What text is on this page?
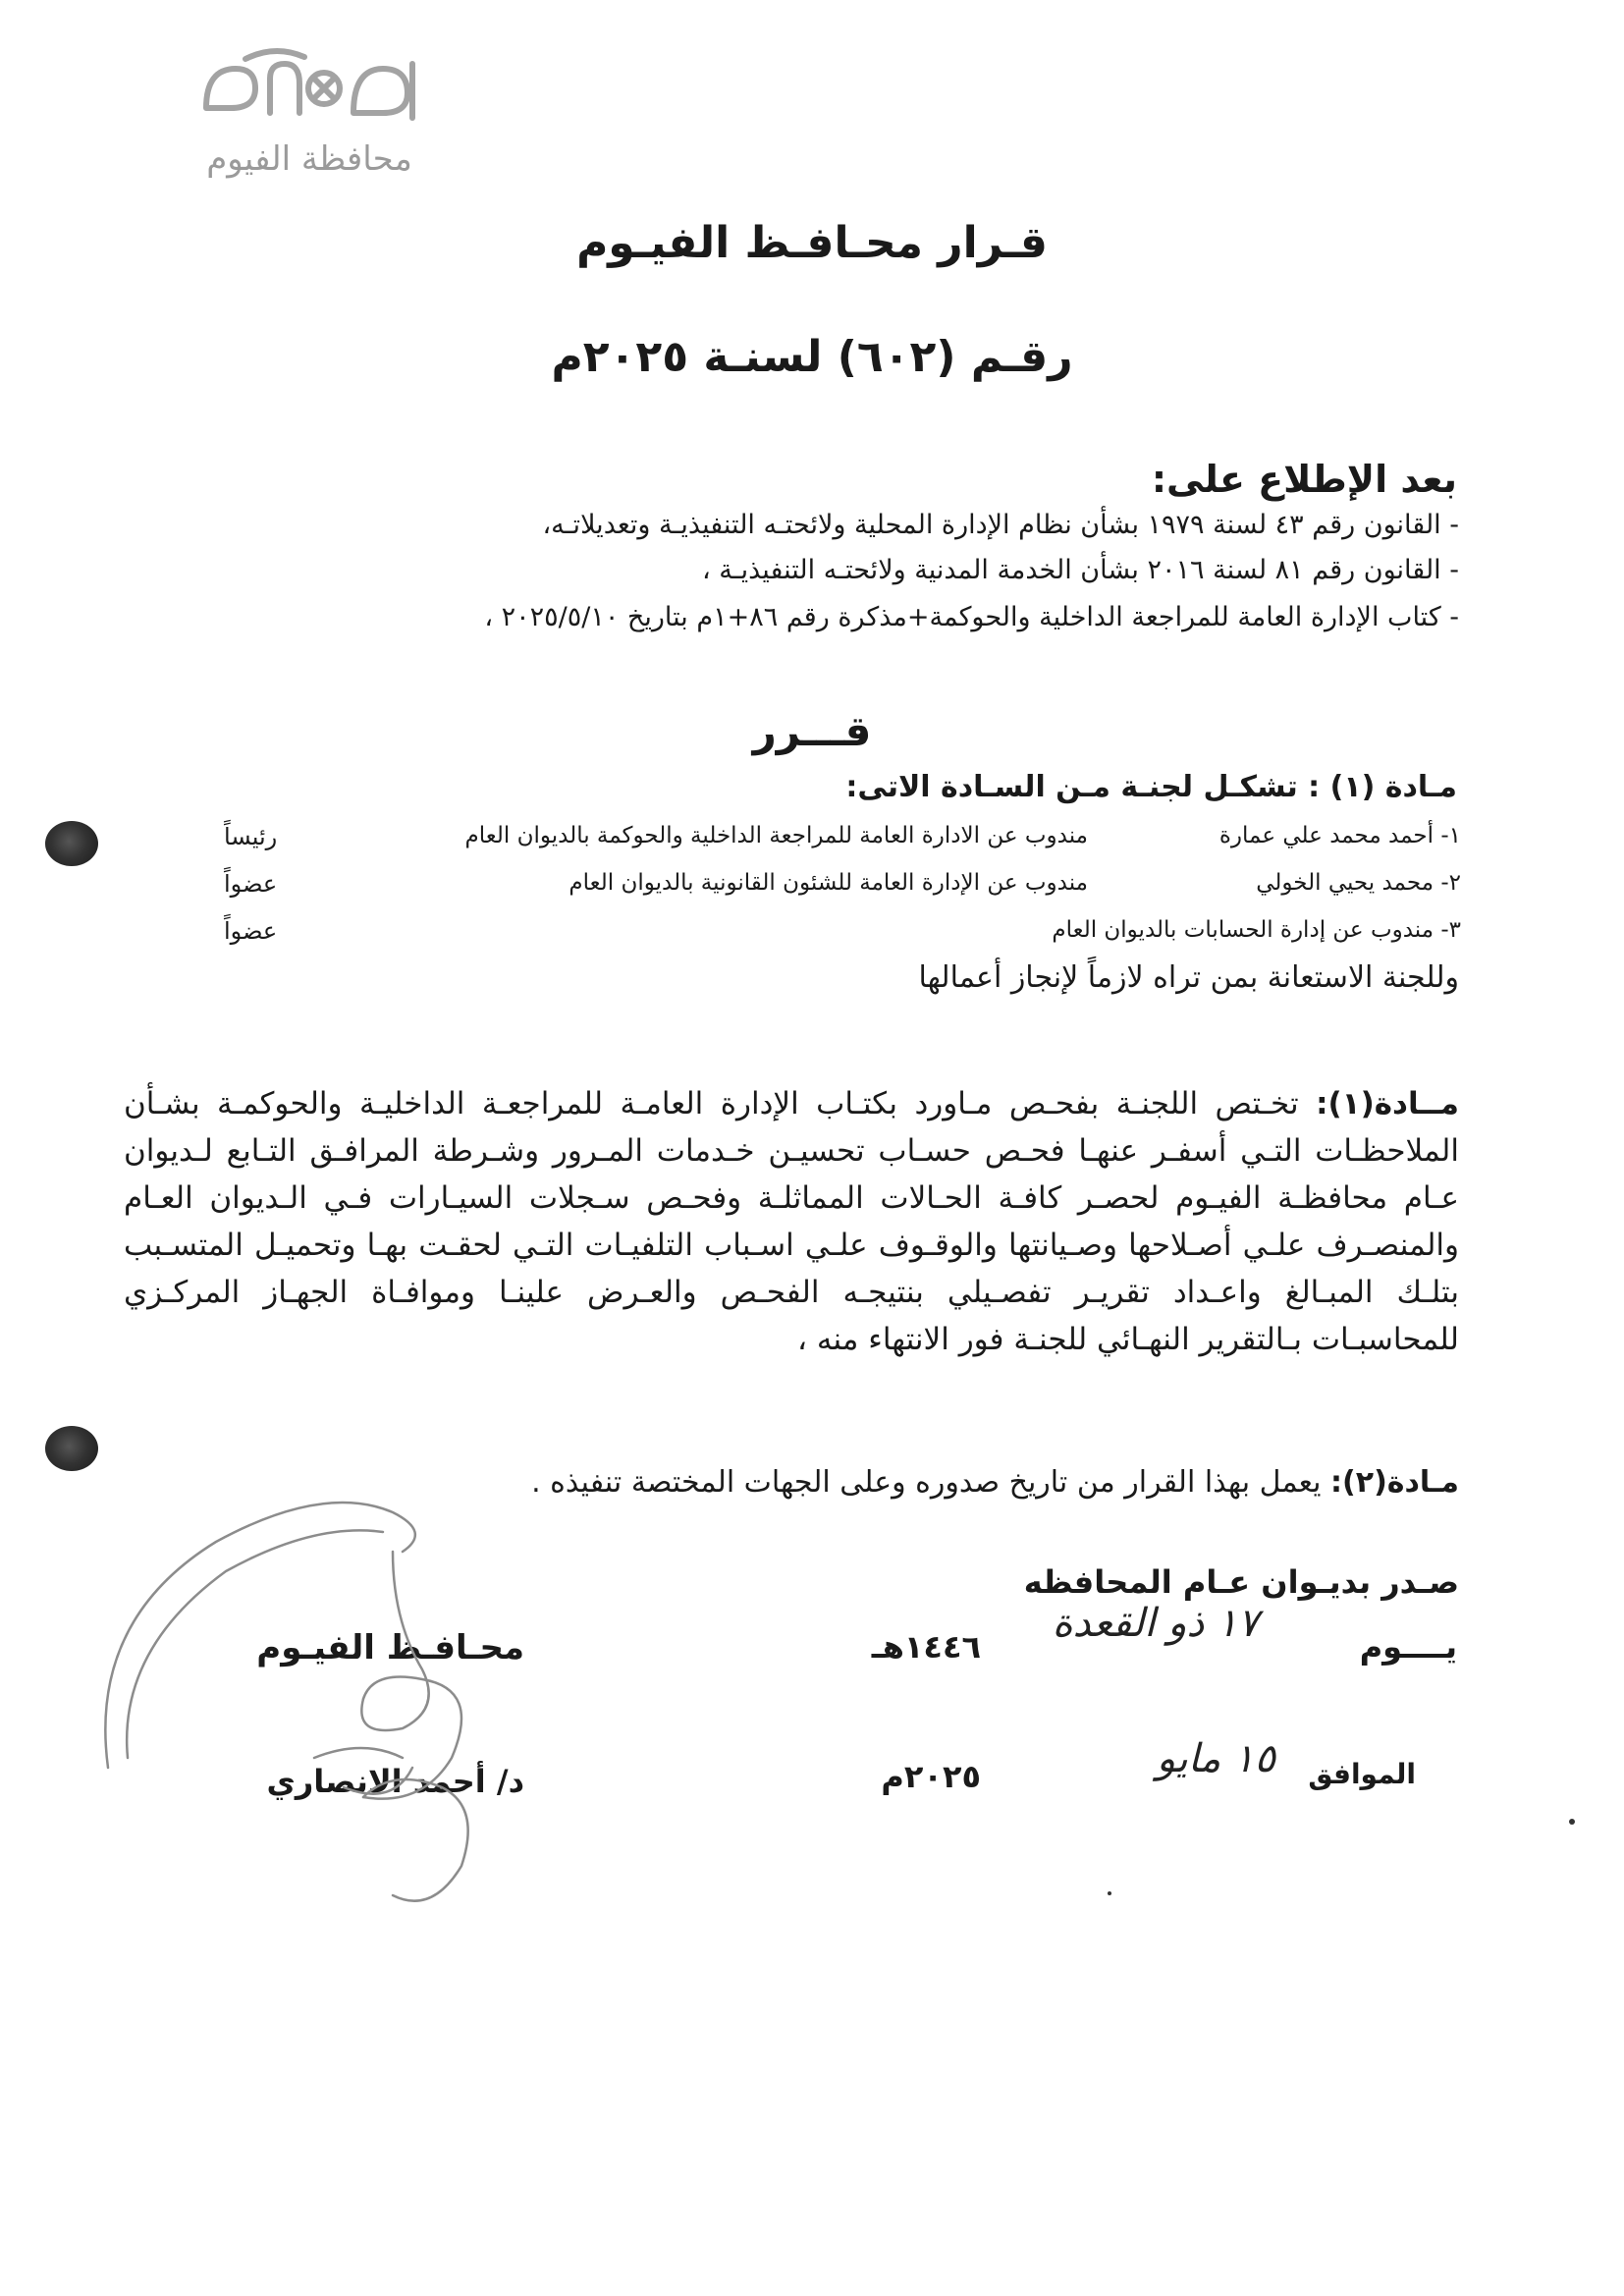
محافظة الفيوم
قـرار محـافـظ الفيـوم
رقـم (٦٠٢) لسنـة ٢٠٢٥م
بعد الإطلاع على:
- القانون رقم ٤٣ لسنة ١٩٧٩ بشأن نظام الإدارة المحلية ولائحتـه التنفيذيـة وتعديلاتـه،
- القانون رقم ٨١ لسنة ٢٠١٦ بشأن الخدمة المدنية ولائحتـه التنفيذيـة ،
- كتاب الإدارة العامة للمراجعة الداخلية والحوكمة+مذكرة رقم ٨٦+١م بتاريخ ٢٠٢٥/٥/١٠ ،
قـــرر
مـادة (١) : تشكـل لجنـة مـن السـادة الاتى:
١- أحمد محمد علي عمارة
مندوب عن الادارة العامة للمراجعة الداخلية والحوكمة بالديوان العام
رئيساً
٢- محمد يحيي الخولي
مندوب عن الإدارة العامة للشئون القانونية بالديوان العام
عضواً
٣- مندوب عن إدارة الحسابات بالديوان العام
عضواً
وللجنة الاستعانة بمن تراه لازماً لإنجاز أعمالها
مــادة(١): تخـتص اللجنـة بفحـص مـاورد بكتـاب الإدارة العامـة للمراجعـة الداخليـة والحوكمـة بشـأن الملاحظـات التـي أسفـر عنهـا فحـص حسـاب تحسيـن خـدمات المـرور وشـرطة المرافـق التـابع لـديوان عـام محافظـة الفيـوم لحصـر كافـة الحـالات المماثلـة وفحـص سـجلات السيـارات فـي الـديوان العـام والمنصـرف علـي أصـلاحها وصـيانتها والوقـوف علـي اسـباب التلفيـات التـي لحقـت بهـا وتحميـل المتسـبب بتلـك المبـالغ واعـداد تقريـر تفصـيلي بنتيجـه الفحـص والعـرض علينـا وموافـاة الجهـاز المركـزي للمحاسبـات بـالتقرير النهـائي للجنـة فور الانتهاء منه ،
مـادة(٢): يعمل بهذا القرار من تاريخ صدوره وعلى الجهات المختصة تنفيذه .
صـدر بديـوان عـام المحافظه
يــــوم
١٧ ذو القعدة
١٤٤٦هـ
محـافـظ الفيـوم
الموافق
١٥ مايو
٢٠٢٥م
د/ أحمد الانصاري
